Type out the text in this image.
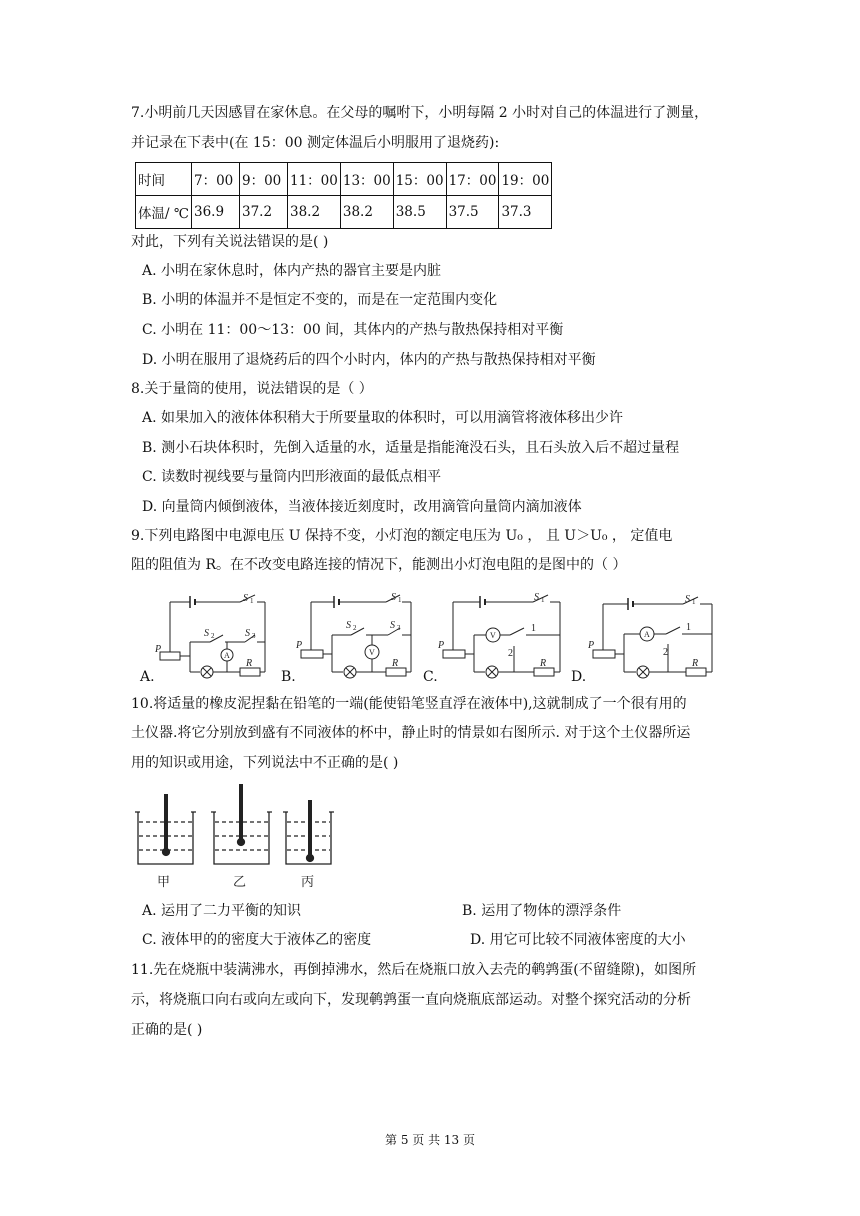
7.小明前几天因感冒在家休息。在父母的嘱咐下，小明每隔 2 小时对自己的体温进行了测量，
并记录在下表中(在 15：00 测定体温后小明服用了退烧药):
时间	7：00	9：00	11：00	13：00	15：00	17：00	19：00
体温/ ℃	36.9	37.2	38.2	38.2	38.5	37.5	37.3
对此，下列有关说法错误的是( )
A. 小明在家休息时，体内产热的器官主要是内脏
B. 小明的体温并不是恒定不变的，而是在一定范围内变化
C. 小明在 11：00～13：00 间，其体内的产热与散热保持相对平衡
D. 小明在服用了退烧药后的四个小时内，体内的产热与散热保持相对平衡
8.关于量筒的使用，说法错误的是（ ）
A. 如果加入的液体体积稍大于所要量取的体积时，可以用滴管将液体移出少许
B. 测小石块体积时，先倒入适量的水，适量是指能淹没石头，且石头放入后不超过量程
C. 读数时视线要与量筒内凹形液面的最低点相平
D. 向量筒内倾倒液体，当液体接近刻度时，改用滴管向量筒内滴加液体
9.下列电路图中电源电压 U 保持不变，小灯泡的额定电压为 U₀ ， 且 U＞U₀ ， 定值电
阻的阻值为 R。在不改变电路连接的情况下，能测出小灯泡电阻的是图中的（ ）
P
S 1
S 2	S 3
A
R
P
S 1
S 2	S 3
V
R
P
S 1
V
1
2
R
P
S 1
A
1
2
R
A.	B.	C.	D.
10.将适量的橡皮泥捏黏在铅笔的一端(能使铅笔竖直浮在液体中),这就制成了一个很有用的
土仪器.将它分别放到盛有不同液体的杯中，静止时的情景如右图所示. 对于这个土仪器所运
用的知识或用途，下列说法中不正确的是( )
甲	乙	丙
A. 运用了二力平衡的知识	B. 运用了物体的漂浮条件
C. 液体甲的的密度大于液体乙的密度	D. 用它可比较不同液体密度的大小
11.先在烧瓶中装满沸水，再倒掉沸水，然后在烧瓶口放入去壳的鹌鹑蛋(不留缝隙)，如图所
示，将烧瓶口向右或向左或向下，发现鹌鹑蛋一直向烧瓶底部运动。对整个探究活动的分析
正确的是( )
第 5 页 共 13 页
